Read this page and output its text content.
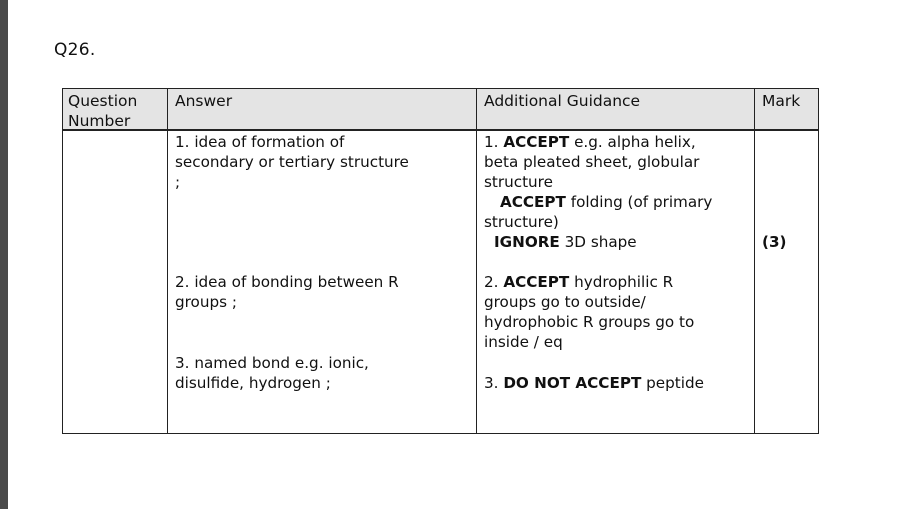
Q26.
Question
Number
Answer	Additional Guidance	Mark
1. idea of formation of
secondary or tertiary structure
;
2. idea of bonding between R
groups ;
3. named bond e.g. ionic,
disulfide, hydrogen ;
1. ACCEPT e.g. alpha helix,
beta pleated sheet, globular
structure
ACCEPT folding (of primary
structure)
IGNORE 3D shape
2. ACCEPT hydrophilic R
groups go to outside/
hydrophobic R groups go to
inside / eq
3. DO NOT ACCEPT peptide
(3)
